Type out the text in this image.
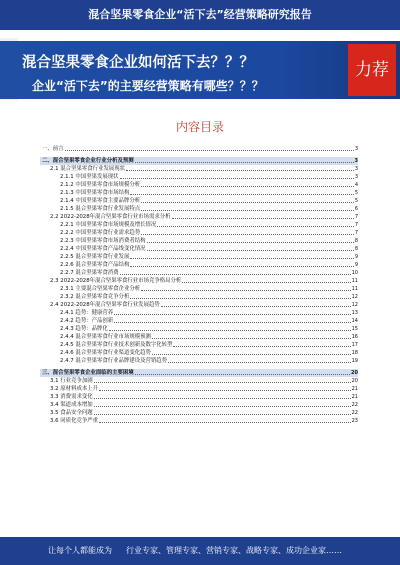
混合坚果零食企业“活下去”经营策略研究报告
混合坚果零食企业如何活下去？？？
企业“活下去”的主要经营策略有哪些？？？
力荐
内容目录
一、前言	3
二、混合坚果零食企业行业分析及预测	3
2.1 混合坚果零食行业发展现状	3
2.1.1 中国坚果发展现状	3
2.1.2 中国坚果零食市场规模分析	4
2.1.3 中国坚果零食市场结构	5
2.1.4 中国坚果零食主要品牌分析	5
2.1.5 混合坚果零食行业发展特点	6
2.2 2022-2028年混合坚果零食行业市场需求分析	7
2.2.1 中国坚果零食市场规模及增长情况	7
2.2.2 中国坚果零食行业需求趋势	7
2.2.3 中国坚果零食市场消费者结构	8
2.2.4 中国坚果零食产品线变化情况	8
2.2.5 混合坚果零食行业发展	9
2.2.6 混合坚果零食产品结构	9
2.2.7 混合坚果零食消费	10
2.3 2022-2028年混合坚果零食行业市场竞争格局分析	11
2.3.1 主要混合坚果零食企业分析	11
2.3.2 混合坚果零食竞争分析	12
2.4 2022-2028年混合坚果零食行业发展趋势	12
2.4.1 趋势：健康营养	13
2.4.2 趋势：产品创新	14
2.4.3 趋势：品牌化	15
2.4.4 混合坚果零食行业市场规模预测	16
2.4.5 混合坚果零食行业技术创新及数字化转型	17
2.4.6 混合坚果零食行业渠道变化趋势	18
2.4.7 混合坚果零食行业品牌建设及营销趋势	19
三、混合坚果零食企业面临的主要困境	20
3.1 行业竞争加剧	20
3.2 原材料成本上升	21
3.3 消费需求变化	21
3.4 渠道成本增加	22
3.5 食品安全问题	22
3.6 同质化竞争严重	23
让每个人都能成为 行业专家、管理专家、营销专家、战略专家、成功企业家……
